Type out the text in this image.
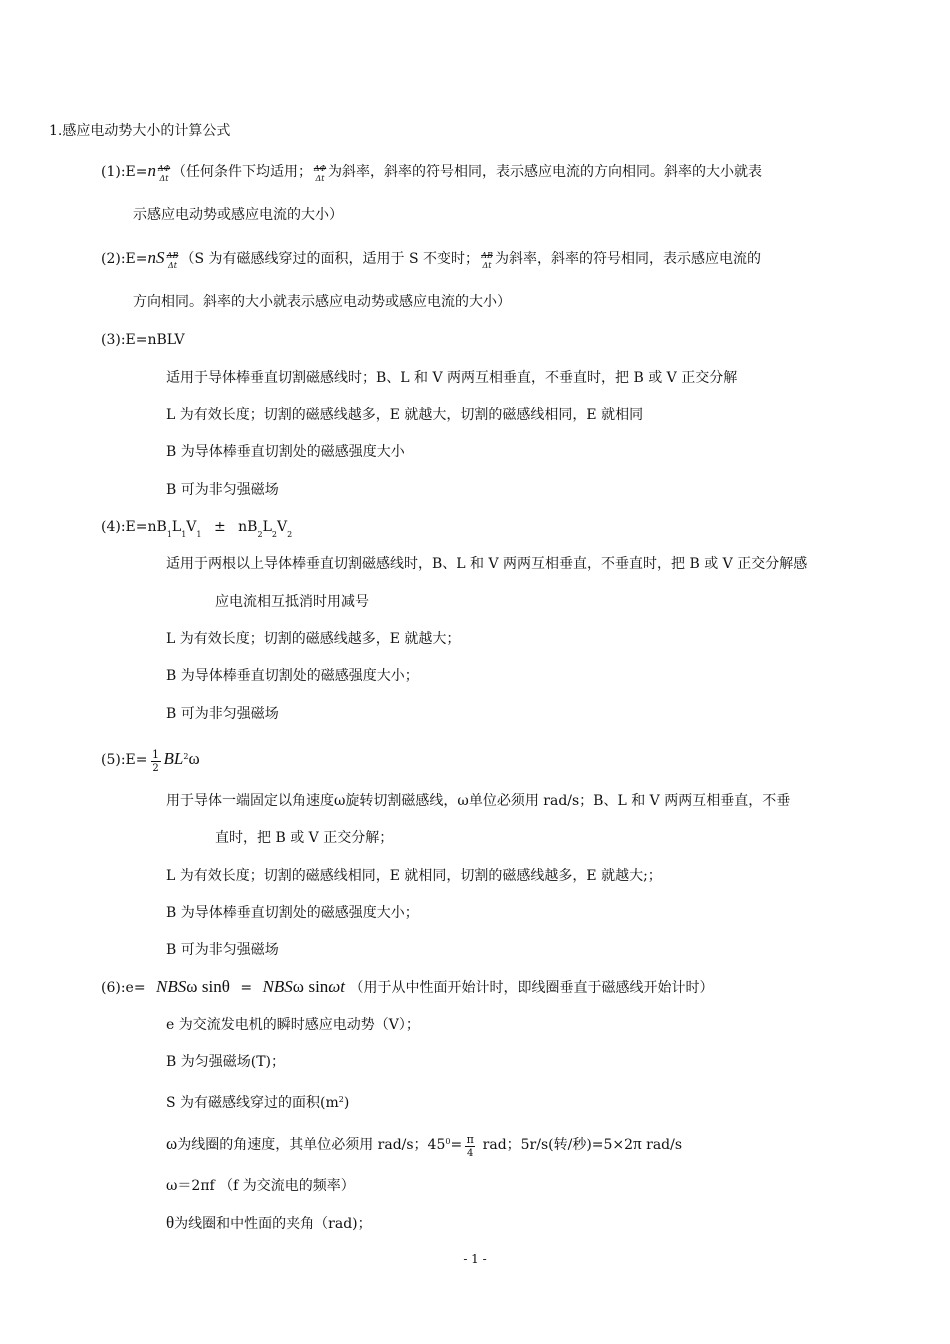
1.感应电动势大小的计算公式
(1):E=n ΔΦ
Δt （任何条件下均适用； ΔΦ
Δt 为斜率，斜率的符号相同，表示感应电流的方向相同。斜率的大小就表
示感应电动势或感应电流的大小）
(2):E=nS ΔB
Δt （S 为有磁感线穿过的面积，适用于 S 不变时； ΔB
Δt 为斜率，斜率的符号相同，表示感应电流的
方向相同。斜率的大小就表示感应电动势或感应电流的大小）
(3):E=nBLV
适用于导体棒垂直切割磁感线时；B、L 和 V 两两互相垂直，不垂直时，把 B 或 V 正交分解
L 为有效长度；切割的磁感线越多，E 就越大，切割的磁感线相同，E 就相同
B 为导体棒垂直切割处的磁感强度大小
B 可为非匀强磁场
$(4):E=nB_1L_1V_1 \pm nB_2L_2V_2$
适用于两根以上导体棒垂直切割磁感线时，B、L 和 V 两两互相垂直，不垂直时，把 B 或 V 正交分解感
应电流相互抵消时用减号
L 为有效长度；切割的磁感线越多，E 就越大；
B 为导体棒垂直切割处的磁感强度大小；
B 可为非匀强磁场
(5):E= $\frac{1}{2} BL^2\omega$
用于导体一端固定以角速度ω旋转切割磁感线，ω单位必须用 rad/s；B、L 和 V 两两互相垂直，不垂
直时，把 B 或 V 正交分解；
L 为有效长度；切割的磁感线相同，E 就相同，切割的磁感线越多，E 就越大;；
B 为导体棒垂直切割处的磁感强度大小；
B 可为非匀强磁场
(6):e= NBSω sinθ = NBSω sinωt （用于从中性面开始计时，即线圈垂直于磁感线开始计时）
e 为交流发电机的瞬时感应电动势（V）；
B 为匀强磁场(T)；
S 为有磁感线穿过的面积$(m^2)$
ω为线圈的角速度，其单位必须用 rad/s；$45^0= \frac{\pi}{4}$ rad；5r/s(转/秒)=5×2π rad/s
ω＝2πf （f 为交流电的频率）
θ为线圈和中性面的夹角（rad)；
- 1 -
